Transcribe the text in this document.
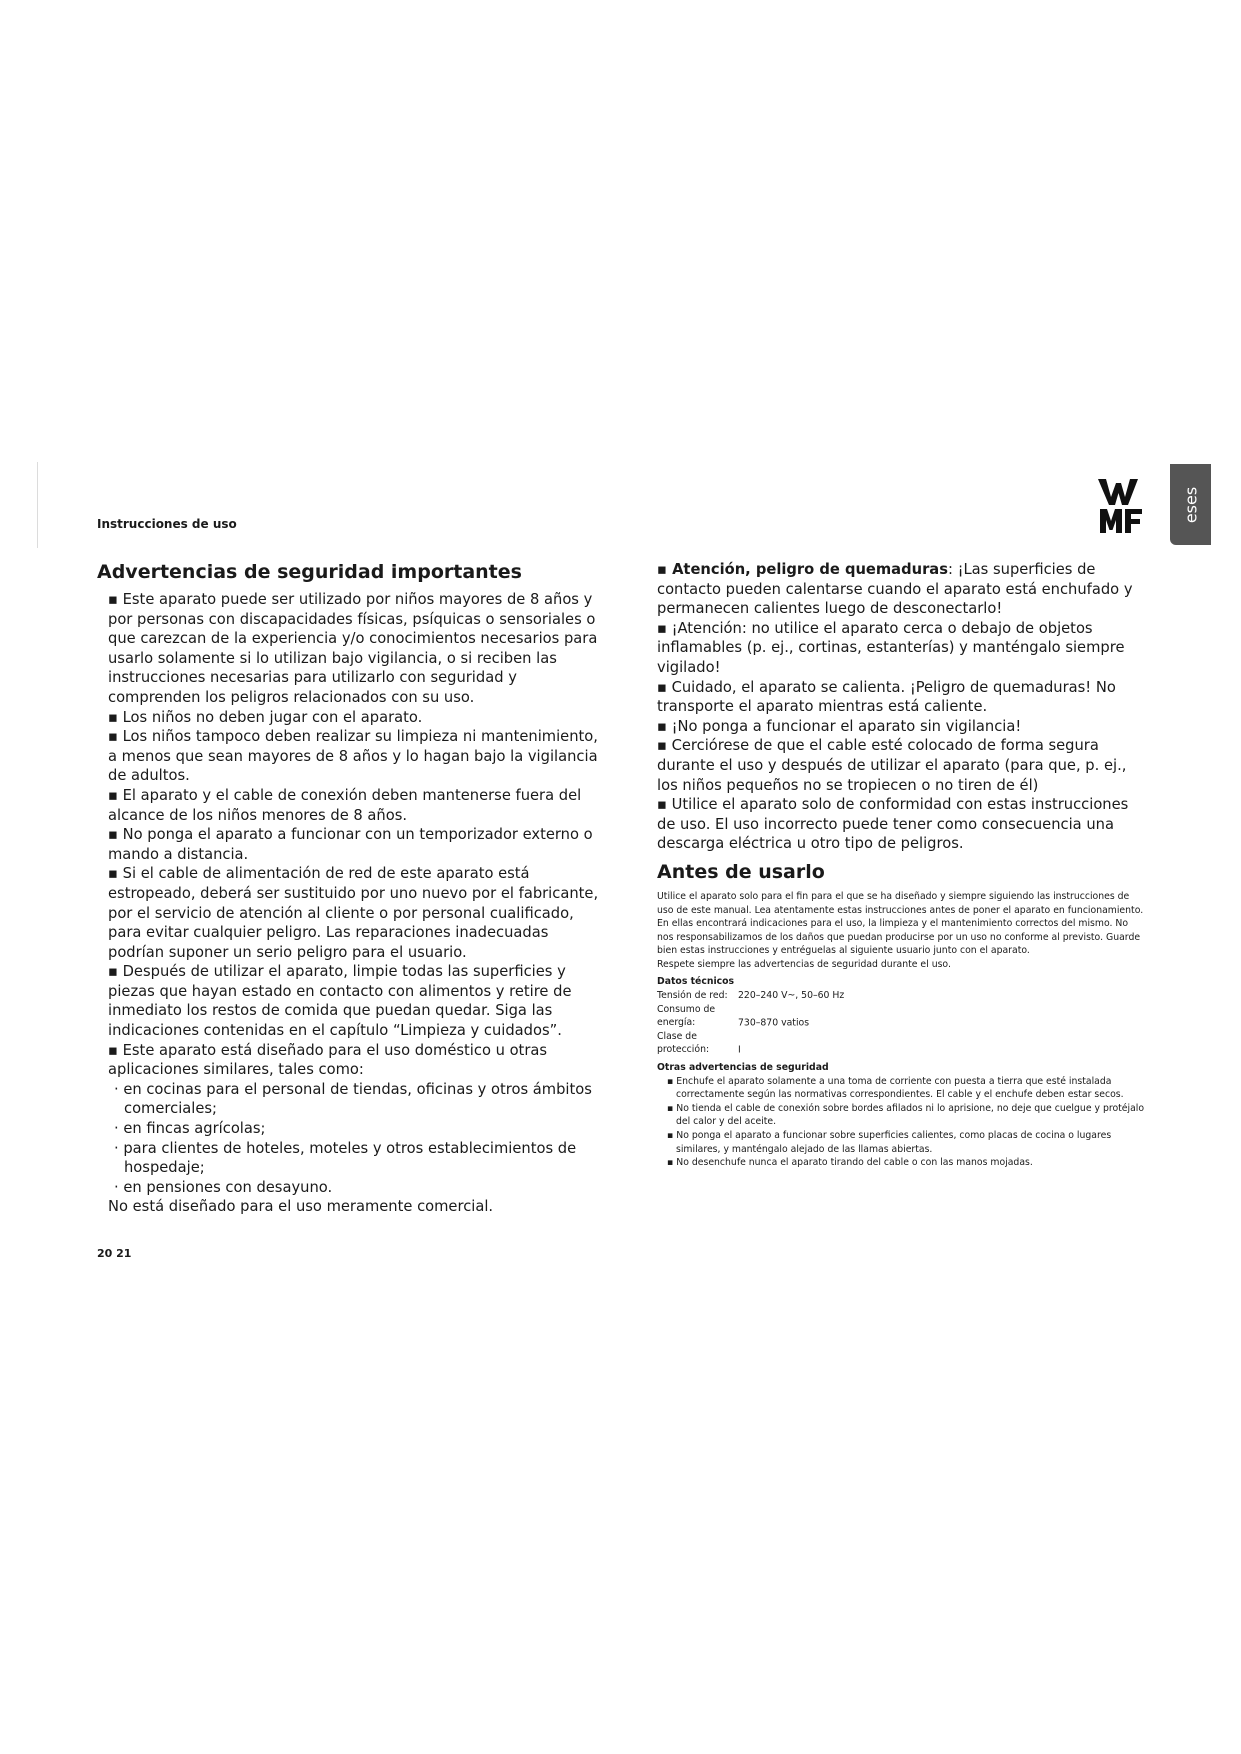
Instrucciones de uso

eses
Advertencias de seguridad importantes

▪ Este aparato puede ser utilizado por niños mayores de 8 años y por personas con discapacidades físicas, psíquicas o sensoriales o que carezcan de la experiencia y/o conocimientos necesarios para usarlo solamente si lo utilizan bajo vigilancia, o si reciben las instrucciones necesarias para utilizarlo con seguridad y comprenden los peligros relacionados con su uso.

▪ Los niños no deben jugar con el aparato.

▪ Los niños tampoco deben realizar su limpieza ni mantenimiento, a menos que sean mayores de 8 años y lo hagan bajo la vigilancia de adultos.

▪ El aparato y el cable de conexión deben mantenerse fuera del alcance de los niños menores de 8 años.

▪ No ponga el aparato a funcionar con un temporizador externo o mando a distancia.

▪ Si el cable de alimentación de red de este aparato está estropeado, deberá ser sustituido por uno nuevo por el fabricante, por el servicio de atención al cliente o por personal cualificado, para evitar cualquier peligro. Las reparaciones inadecuadas podrían suponer un serio peligro para el usuario.

▪ Después de utilizar el aparato, limpie todas las superficies y piezas que hayan estado en contacto con alimentos y retire de inmediato los restos de comida que puedan quedar. Siga las indicaciones contenidas en el capítulo “Limpieza y cuidados”.

▪ Este aparato está diseñado para el uso doméstico u otras aplicaciones similares, tales como:

· en cocinas para el personal de tiendas, oficinas y otros ámbitos comerciales;

· en fincas agrícolas;

· para clientes de hoteles, moteles y otros establecimientos de hospedaje;

· en pensiones con desayuno.

No está diseñado para el uso meramente comercial.

▪ Atención, peligro de quemaduras: ¡Las superficies de contacto pueden calentarse cuando el aparato está enchufado y permanecen calientes luego de desconectarlo!

▪ ¡Atención: no utilice el aparato cerca o debajo de objetos inflamables (p. ej., cortinas, estanterías) y manténgalo siempre vigilado!

▪ Cuidado, el aparato se calienta. ¡Peligro de quemaduras! No transporte el aparato mientras está caliente.

▪ ¡No ponga a funcionar el aparato sin vigilancia!

▪ Cerciórese de que el cable esté colocado de forma segura durante el uso y después de utilizar el aparato (para que, p. ej., los niños pequeños no se tropiecen o no tiren de él)

▪ Utilice el aparato solo de conformidad con estas instrucciones de uso. El uso incorrecto puede tener como consecuencia una descarga eléctrica u otro tipo de peligros.

Antes de usarlo

Utilice el aparato solo para el fin para el que se ha diseñado y siempre siguiendo las instrucciones de uso de este manual. Lea atentamente estas instrucciones antes de poner el aparato en funcionamiento. En ellas encontrará indicaciones para el uso, la limpieza y el mantenimiento correctos del mismo. No nos responsabilizamos de los daños que puedan producirse por un uso no conforme al previsto. Guarde bien estas instrucciones y entréguelas al siguiente usuario junto con el aparato.

Respete siempre las advertencias de seguridad durante el uso.

Datos técnicos

Tensión de red: 220–240 V~, 50–60 Hz

Consumo de energía:	730–870 vatios

Clase de protección:	I

Otras advertencias de seguridad

▪ Enchufe el aparato solamente a una toma de corriente con puesta a tierra que esté instalada correctamente según las normativas correspondientes. El cable y el enchufe deben estar secos.

▪ No tienda el cable de conexión sobre bordes afilados ni lo aprisione, no deje que cuelgue y protéjalo del calor y del aceite.

▪ No ponga el aparato a funcionar sobre superficies calientes, como placas de cocina o lugares similares, y manténgalo alejado de las llamas abiertas.

▪ No desenchufe nunca el aparato tirando del cable o con las manos mojadas.

20 21
